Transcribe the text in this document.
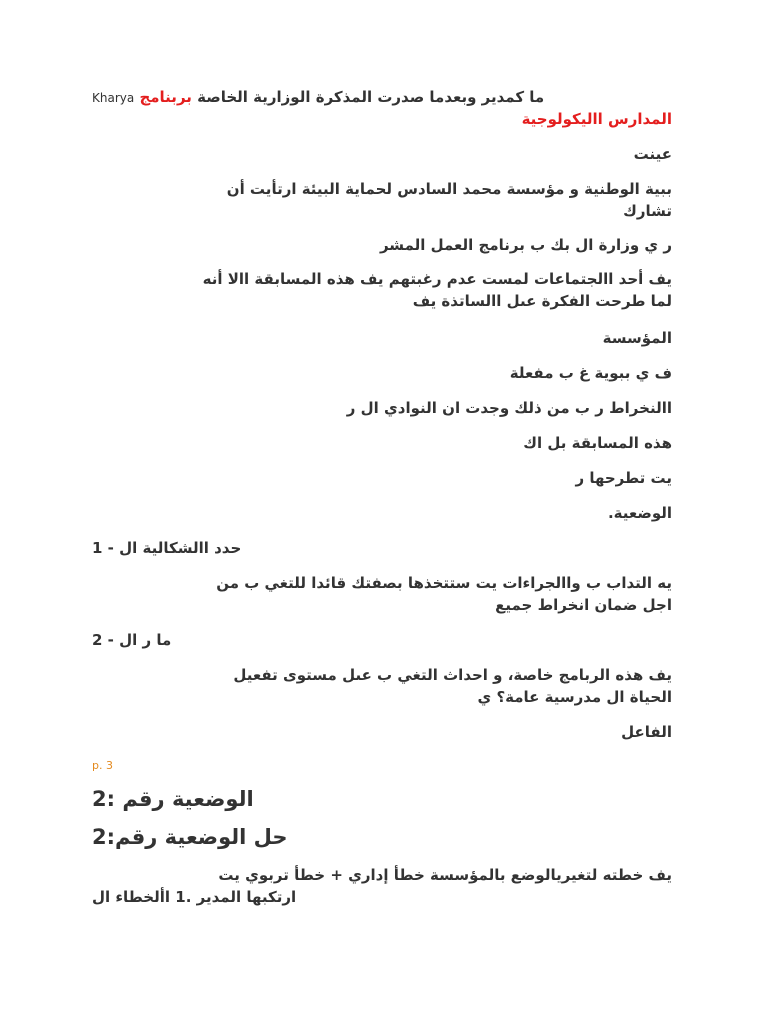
Kharya بربنامج ما كمدير وبعدما صدرت المذكرة الوزارية الخاصة
المدارس االيكولوجية
عينت
ببية الوطنية و مؤسسة محمد السادس لحماية البيئة ارتأيت أن
تشارك
ر ي وزارة ال بك ب برنامج العمل المشر
يف أحد االجتماعات لمست عدم رغبتهم يف هذه المسابقة االا أنه
لما طرحت الفكرة عىل االساتذة يف
المؤسسة
ف ي ببوية غ ب مفعلة
االنخراط ر ب من ذلك وجدت ان النوادي ال ر
هذه المسابقة بل اك
يت تطرحها ر
الوضعية.
1 حدد االشكالية ال -
يه التداب ب واالجراءات يت ستتخذها بصفتك قائدا للتغي ب من
اجل ضمان انخراط جميع
2 ما ر ال -
يف هذه الربامج خاصة، و احداث التغي ب عىل مستوى تفعيل
الحياة ال مدرسية عامة؟ ي
الفاعل
p. 3
2: الوضعية رقم
2:حل الوضعية رقم
يف خطته لتغيريالوضع بالمؤسسة خطأ إداري + خطأ تربوي يت
األخطاء ال 1. ارتكبها المدير
